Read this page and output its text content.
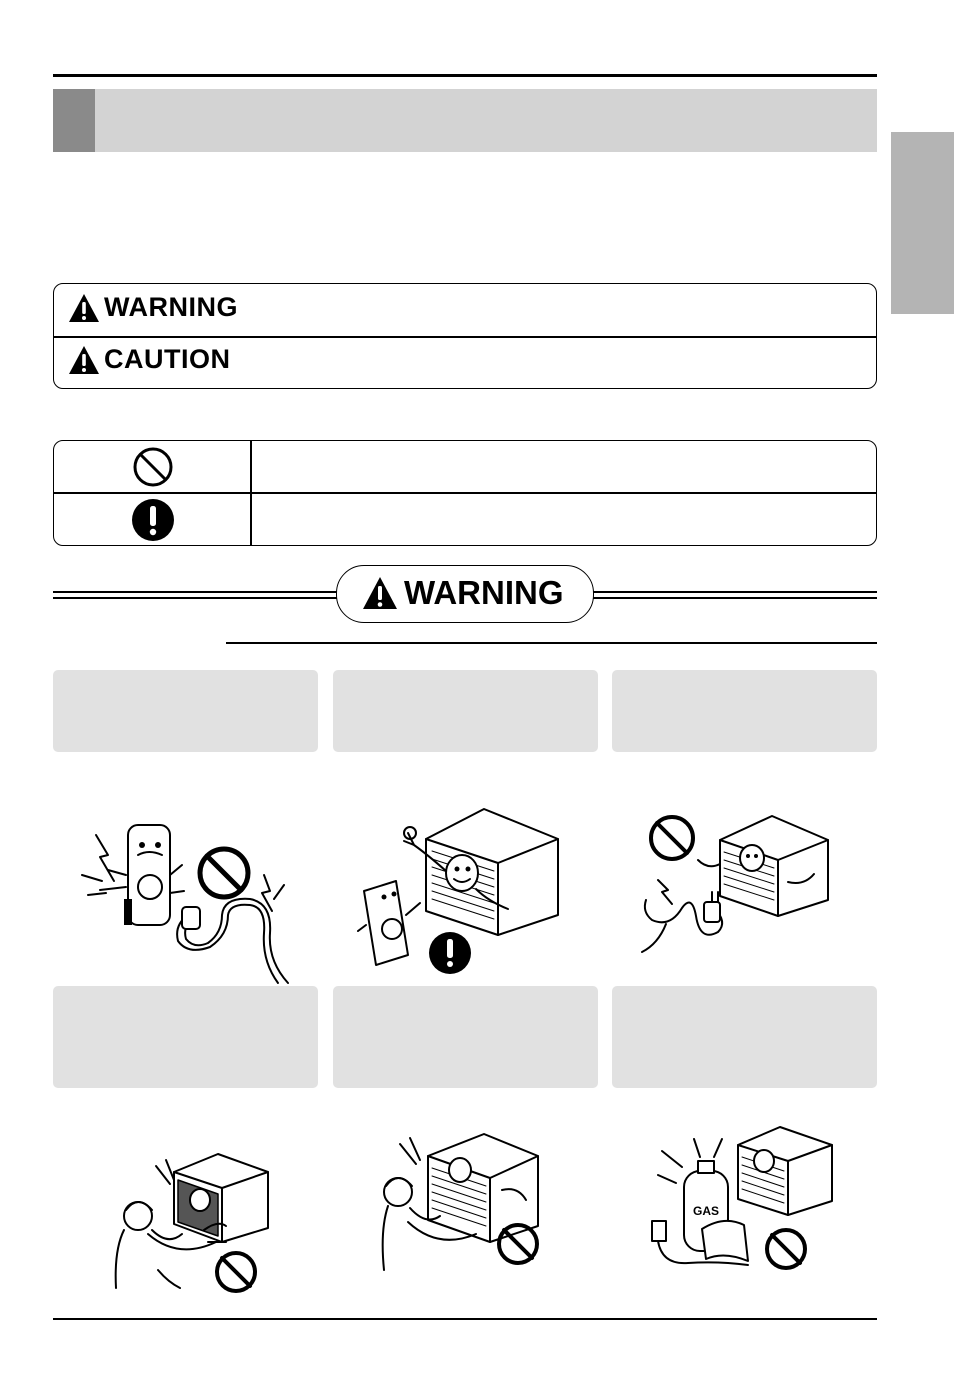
WARNING
CAUTION
WARNING
GAS
